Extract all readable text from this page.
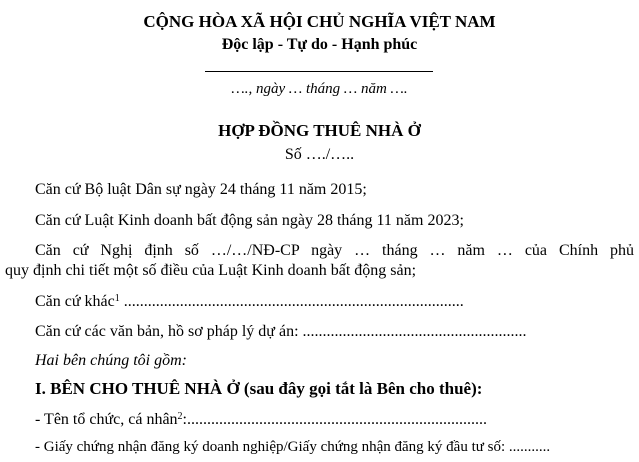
CỘNG HÒA XÃ HỘI CHỦ NGHĨA VIỆT NAM
Độc lập - Tự do - Hạnh phúc
…., ngày … tháng … năm ….
HỢP ĐỒNG THUÊ NHÀ Ở
Số …./…..
Căn cứ Bộ luật Dân sự ngày 24 tháng 11 năm 2015;
Căn cứ Luật Kinh doanh bất động sản ngày 28 tháng 11 năm 2023;
Căn cứ Nghị định số …/…/NĐ-CP ngày … tháng … năm … của Chính phủ
quy định chi tiết một số điều của Luật Kinh doanh bất động sản;
Căn cứ khác$^1$ .....................................................................................
Căn cứ các văn bản, hồ sơ pháp lý dự án: ........................................................
Hai bên chúng tôi gồm:
I. BÊN CHO THUÊ NHÀ Ở (sau đây gọi tắt là Bên cho thuê):
- Tên tổ chức, cá nhân$^2$:...........................................................................
- Giấy chứng nhận đăng ký doanh nghiệp/Giấy chứng nhận đăng ký đầu tư số: ...........
